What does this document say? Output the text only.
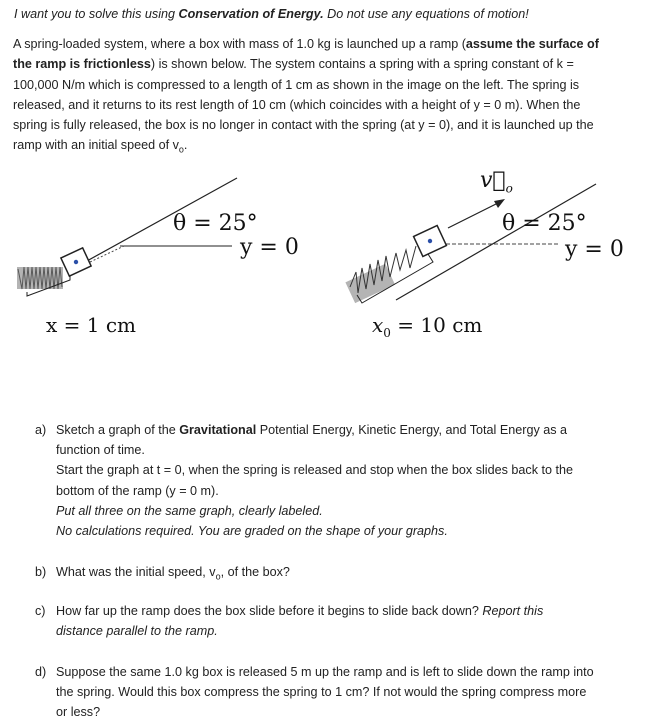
I want you to solve this using Conservation of Energy. Do not use any equations of motion!
A spring-loaded system, where a box with mass of 1.0 kg is launched up a ramp (assume the surface of the ramp is frictionless) is shown below. The system contains a spring with a spring constant of k = 100,000 N/m which is compressed to a length of 1 cm as shown in the image on the left. The spring is released, and it returns to its rest length of 10 cm (which coincides with a height of y = 0 m). When the spring is fully released, the box is no longer in contact with the spring (at y = 0), and it is launched up the ramp with an initial speed of $v_o$.
θ = 25°
y = 0
x = 1 cm
$v⃗_o$
θ = 25°
y = 0
$x_0 = 10$ cm
a) Sketch a graph of the Gravitational Potential Energy, Kinetic Energy, and Total Energy as a function of time.
Start the graph at t = 0, when the spring is released and stop when the box slides back to the bottom of the ramp (y = 0 m).
Put all three on the same graph, clearly labeled.
No calculations required. You are graded on the shape of your graphs.
b) What was the initial speed, $v_o$, of the box?
c) How far up the ramp does the box slide before it begins to slide back down? Report this distance parallel to the ramp.
d) Suppose the same 1.0 kg box is released 5 m up the ramp and is left to slide down the ramp into the spring. Would this box compress the spring to 1 cm? If not would the spring compress more or less?
